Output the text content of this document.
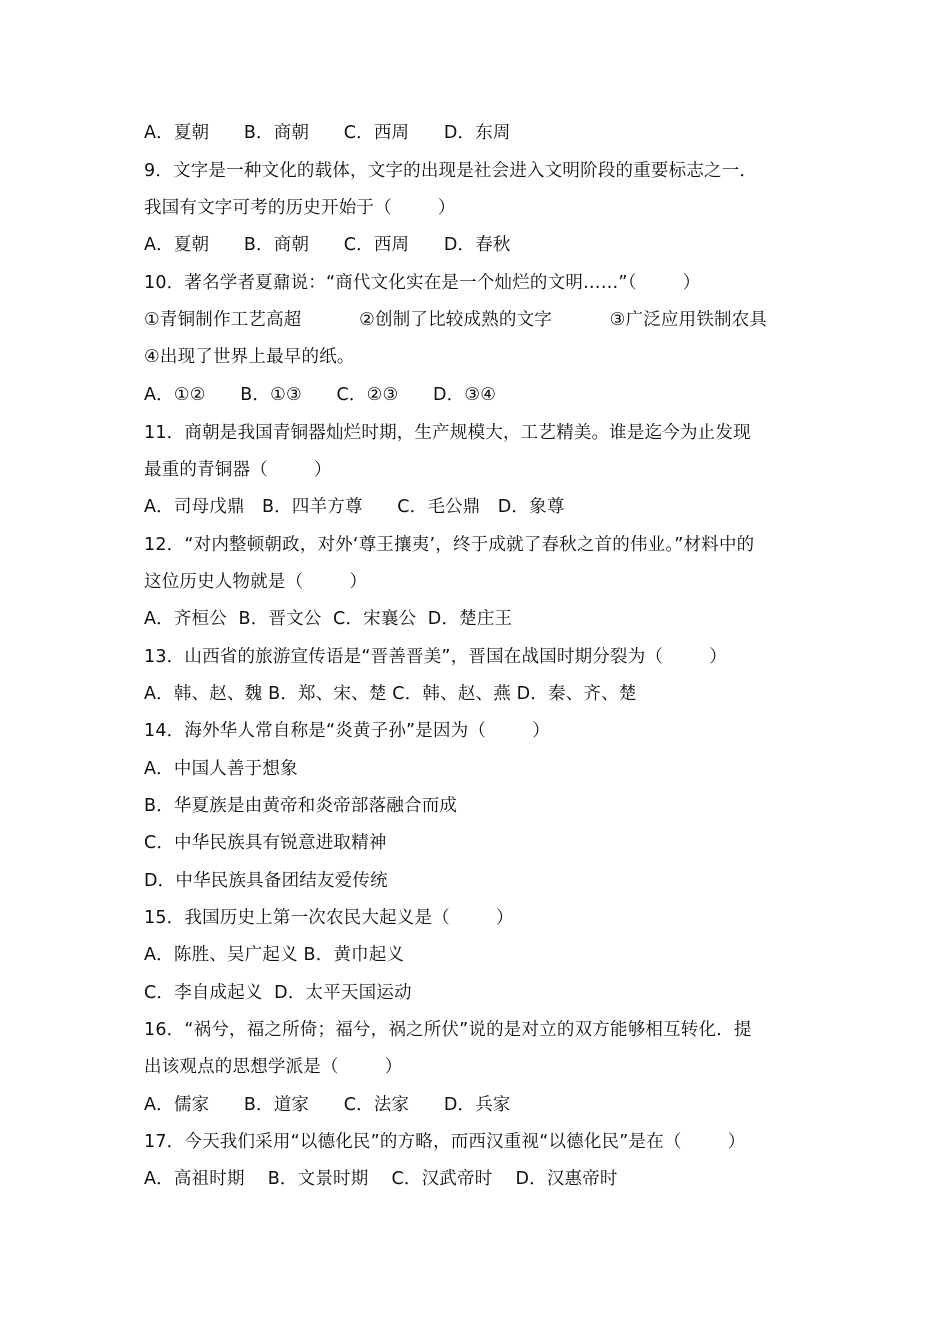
A．夏朝      B．商朝      C．西周      D．东周
9．文字是一种文化的载体，文字的出现是社会进入文明阶段的重要标志之一．
我国有文字可考的历史开始于（        ）
A．夏朝      B．商朝      C．西周      D．春秋
10．著名学者夏鼐说：“商代文化实在是一个灿烂的文明……”（        ）
①青铜制作工艺高超          ②创制了比较成熟的文字          ③广泛应用铁制农具
④出现了世界上最早的纸。
A．①②      B．①③      C．②③      D．③④
11．商朝是我国青铜器灿烂时期，生产规模大，工艺精美。谁是迄今为止发现
最重的青铜器（        ）
A．司母戊鼎   B．四羊方尊      C．毛公鼎   D．象尊
12．“对内整顿朝政，对外‘尊王攘夷’，终于成就了春秋之首的伟业。”材料中的
这位历史人物就是（        ）
A．齐桓公  B．晋文公  C．宋襄公  D．楚庄王
13．山西省的旅游宣传语是“晋善晋美”，晋国在战国时期分裂为（        ）
A．韩、赵、魏 B．郑、宋、楚 C．韩、赵、燕 D．秦、齐、楚
14．海外华人常自称是“炎黄子孙”是因为（        ）
A．中国人善于想象
B．华夏族是由黄帝和炎帝部落融合而成
C．中华民族具有锐意进取精神
D．中华民族具备团结友爱传统
15．我国历史上第一次农民大起义是（        ）
A．陈胜、吴广起义 B．黄巾起义
C．李自成起义  D．太平天国运动
16．“祸兮，福之所倚；福兮，祸之所伏”说的是对立的双方能够相互转化．提
出该观点的思想学派是（        ）
A．儒家      B．道家      C．法家      D．兵家
17．今天我们采用“以德化民”的方略，而西汉重视“以德化民”是在（        ）
A．高祖时期    B．文景时期    C．汉武帝时    D．汉惠帝时
